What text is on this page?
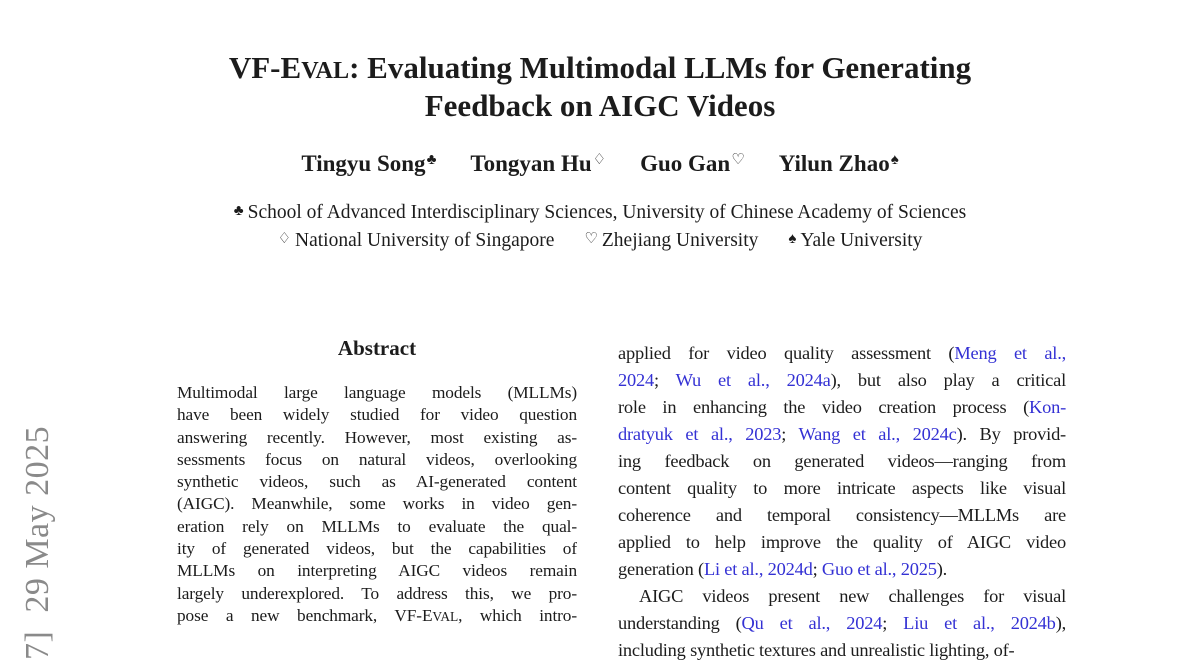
7]  29 May 2025
VF-EVAL: Evaluating Multimodal LLMs for Generating
Feedback on AIGC Videos
Tingyu Song♣ Tongyan Hu♢ Guo Gan♡ Yilun Zhao♠
♣ School of Advanced Interdisciplinary Sciences, University of Chinese Academy of Sciences
♢ National University of Singapore ♡ Zhejiang University ♠ Yale University
Abstract
Multimodal large language models (MLLMs)
have been widely studied for video question
answering recently. However, most existing as-
sessments focus on natural videos, overlooking
synthetic videos, such as AI-generated content
(AIGC). Meanwhile, some works in video gen-
eration rely on MLLMs to evaluate the qual-
ity of generated videos, but the capabilities of
MLLMs on interpreting AIGC videos remain
largely underexplored. To address this, we pro-
pose a new benchmark, VF-EVAL, which intro-
applied for video quality assessment (Meng et al.,
2024; Wu et al., 2024a), but also play a critical
role in enhancing the video creation process (Kon-
dratyuk et al., 2023; Wang et al., 2024c). By provid-
ing feedback on generated videos—ranging from
content quality to more intricate aspects like visual
coherence and temporal consistency—MLLMs are
applied to help improve the quality of AIGC video
generation (Li et al., 2024d; Guo et al., 2025).
AIGC videos present new challenges for visual
understanding (Qu et al., 2024; Liu et al., 2024b),
including synthetic textures and unrealistic lighting, of-
